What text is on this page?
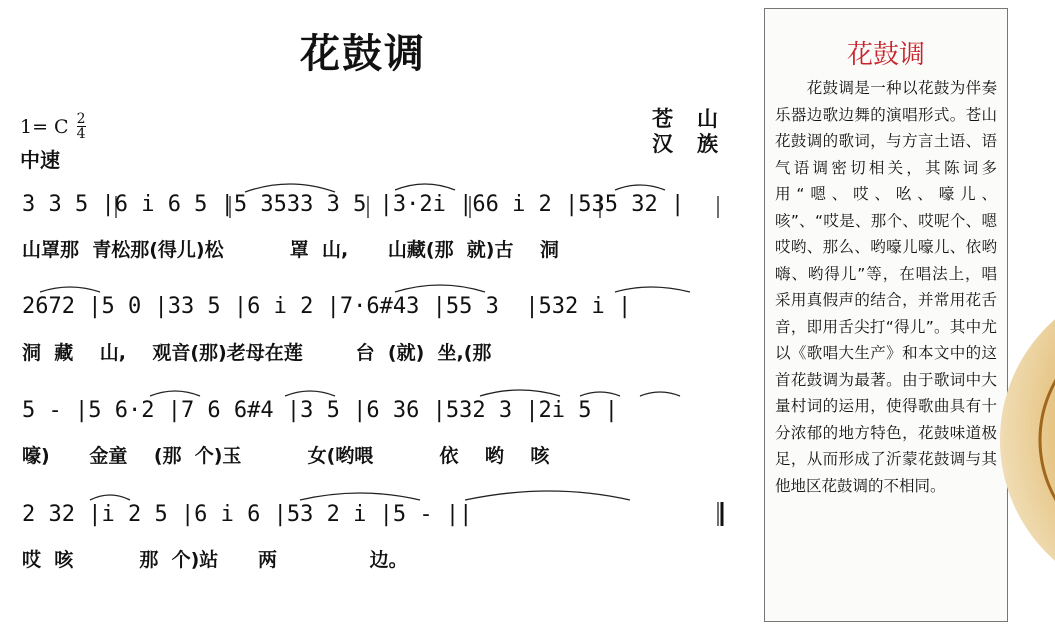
花鼓调
1= C $\frac{2}{4}$
中速
苍山
汉族
3 3 5 |6 i 6 5 |5 3533 3 5 |3·2i |66 i 2 |535 32 |
山罩那  青松那(得儿)松          罩  山,      山藏(那  就)古    洞
2672 |5 0 |33 5 |6 i 2 |7·6#43 |55 3  |532 i |
洞  藏    山,    观音(那)老母在莲        台  (就)  坐,(那
5 - |5 6·2 |7 6 6#4 |3 5 |6 36 |532 3 |2i 5 |
嚎)      金童    (那  个)玉          女(哟喂          依    哟    咳
2 32 |i 2 5 |6 i 6 |53 2 i |5 - ||
哎  咳          那  个)站      两              边。
花鼓调
　　花鼓调是一种以花鼓为伴奏乐器边歌边舞的演唱形式。苍山花鼓调的歌词，与方言土语、语气语调密切相关，其陈词多用“嗯、哎、吆、嚎儿、咳”、“哎是、那个、哎呢个、嗯哎哟、那么、哟嚎儿嚎儿、依哟嗨、哟得儿”等，在唱法上，唱采用真假声的结合，并常用花舌音，即用舌尖打“得儿”。其中尤以《歌唱大生产》和本文中的这首花鼓调为最著。由于歌词中大量村词的运用，使得歌曲具有十分浓郁的地方特色，花鼓味道极足，从而形成了沂蒙花鼓调与其他地区花鼓调的不相同。
